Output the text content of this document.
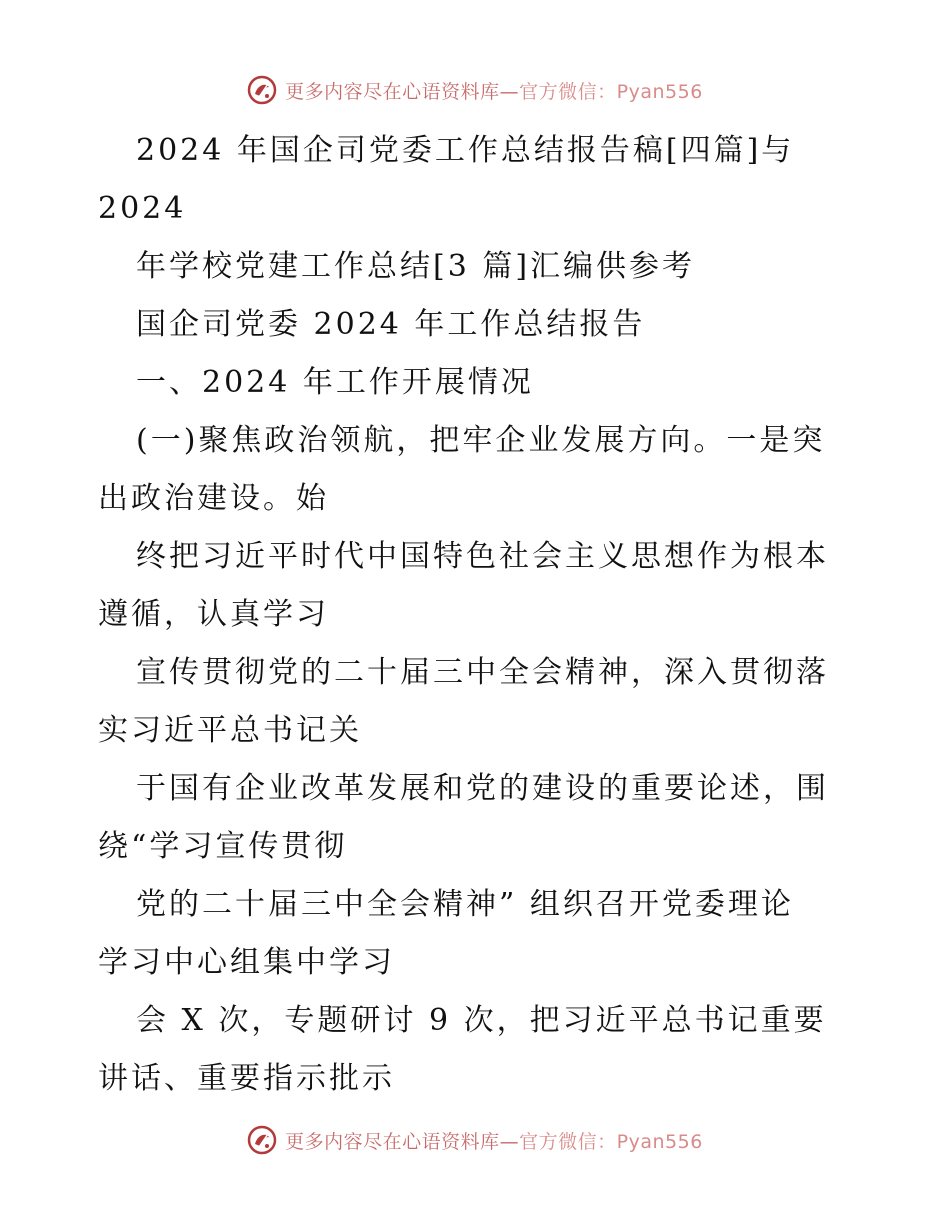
更多内容尽在心语资料库—官方微信：Pyan556
2024 年国企司党委工作总结报告稿[四篇]与
2024
年学校党建工作总结[3 篇]汇编供参考
国企司党委 2024 年工作总结报告
一、2024 年工作开展情况
(一)聚焦政治领航，把牢企业发展方向。一是突
出政治建设。始
终把习近平时代中国特色社会主义思想作为根本
遵循，认真学习
宣传贯彻党的二十届三中全会精神，深入贯彻落
实习近平总书记关
于国有企业改革发展和党的建设的重要论述，围
绕“学习宣传贯彻
党的二十届三中全会精神” 组织召开党委理论
学习中心组集中学习
会 X 次，专题研讨 9 次，把习近平总书记重要
讲话、重要指示批示
更多内容尽在心语资料库—官方微信：Pyan556
